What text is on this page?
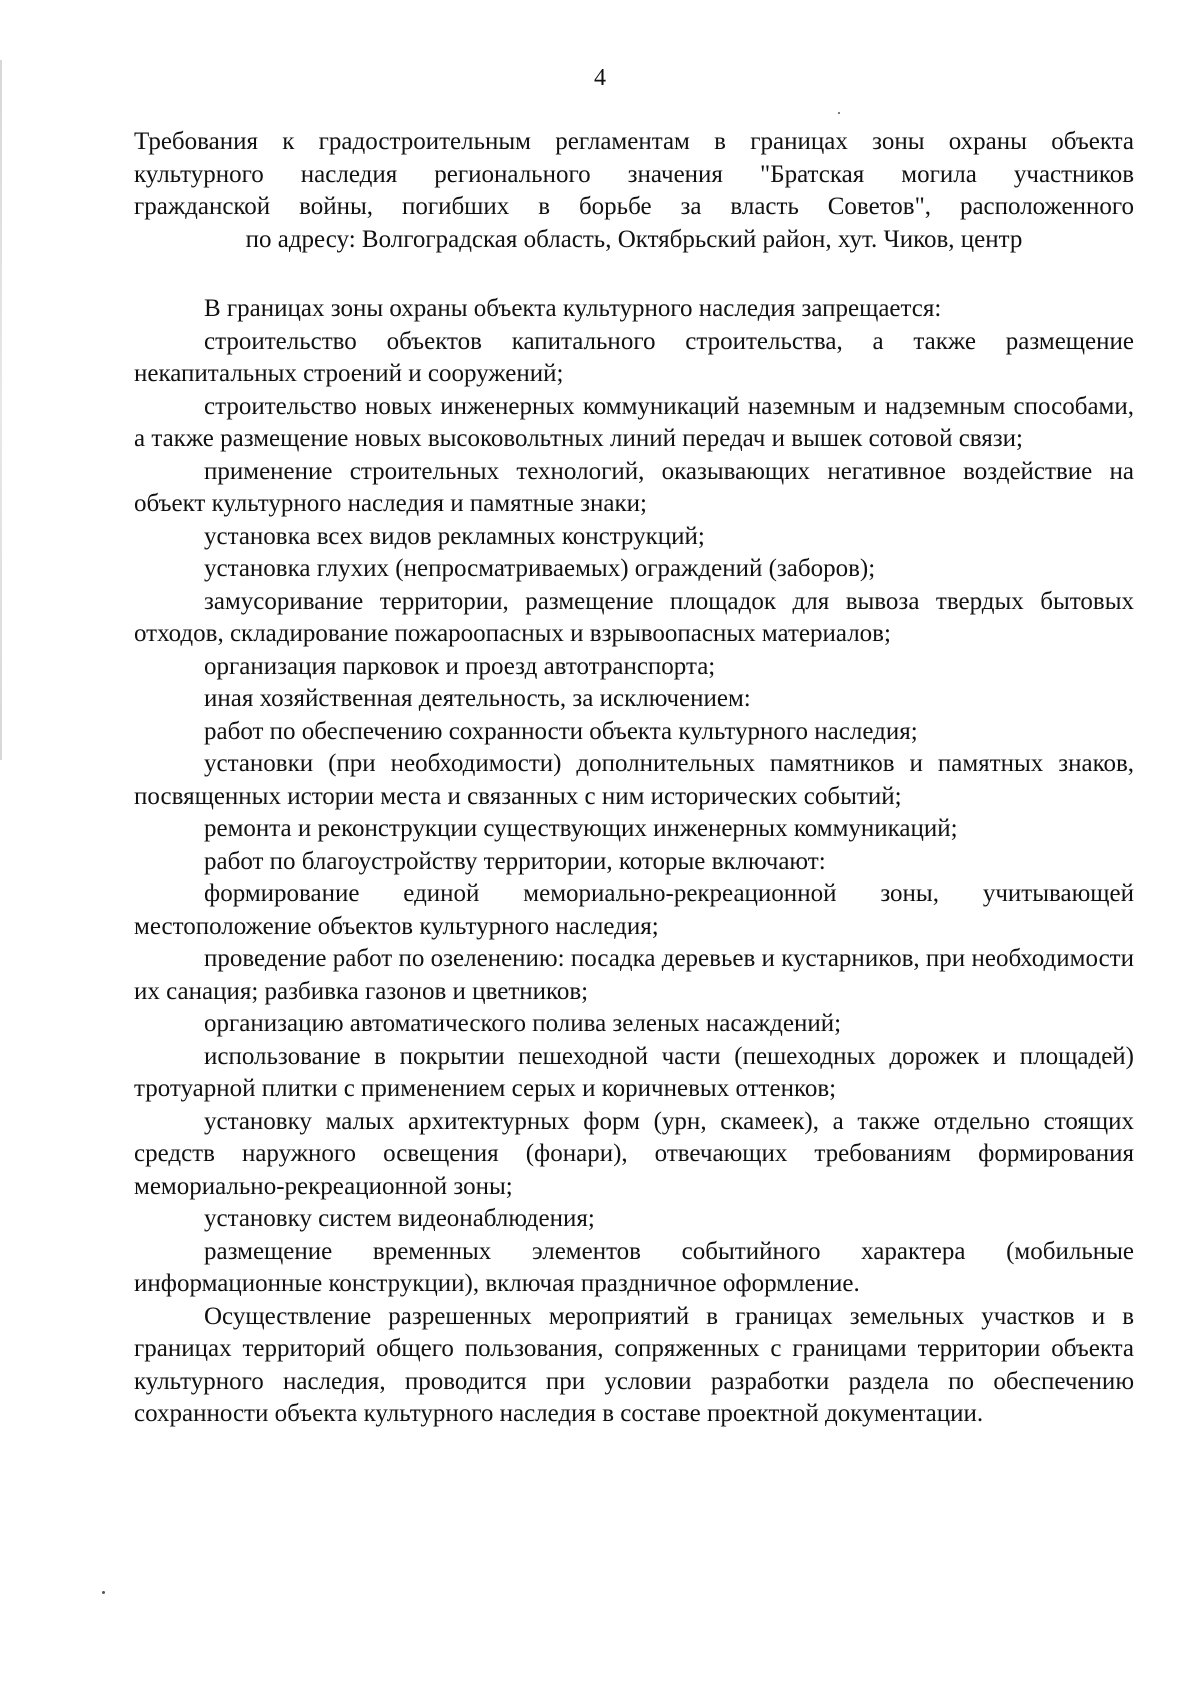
4
Требования к градостроительным регламентам в границах зоны охраны объекта
культурного наследия регионального значения "Братская могила участников
гражданской войны, погибших в борьбе за власть Советов", расположенного
по адресу: Волгоградская область, Октябрьский район, хут. Чиков, центр

В границах зоны охраны объекта культурного наследия запрещается:

строительство объектов капитального строительства, а также размещение некапитальных строений и сооружений;

строительство новых инженерных коммуникаций наземным и надземным способами, а также размещение новых высоковольтных линий передач и вышек сотовой связи;

применение строительных технологий, оказывающих негативное воздействие на объект культурного наследия и памятные знаки;

установка всех видов рекламных конструкций;

установка глухих (непросматриваемых) ограждений (заборов);

замусоривание территории, размещение площадок для вывоза твердых бытовых отходов, складирование пожароопасных и взрывоопасных материалов;

организация парковок и проезд автотранспорта;

иная хозяйственная деятельность, за исключением:

работ по обеспечению сохранности объекта культурного наследия;

установки (при необходимости) дополнительных памятников и памятных знаков, посвященных истории места и связанных с ним исторических событий;

ремонта и реконструкции существующих инженерных коммуникаций;

работ по благоустройству территории, которые включают:

формирование единой мемориально-рекреационной зоны, учитывающей местоположение объектов культурного наследия;

проведение работ по озеленению: посадка деревьев и кустарников, при необходимости их санация; разбивка газонов и цветников;

организацию автоматического полива зеленых насаждений;

использование в покрытии пешеходной части (пешеходных дорожек и площадей) тротуарной плитки с применением серых и коричневых оттенков;

установку малых архитектурных форм (урн, скамеек), а также отдельно стоящих средств наружного освещения (фонари), отвечающих требованиям формирования мемориально-рекреационной зоны;

установку систем видеонаблюдения;

размещение временных элементов событийного характера (мобильные информационные конструкции), включая праздничное оформление.

Осуществление разрешенных мероприятий в границах земельных участков и в границах территорий общего пользования, сопряженных с границами территории объекта культурного наследия, проводится при условии разработки раздела по обеспечению сохранности объекта культурного наследия в составе проектной документации.
